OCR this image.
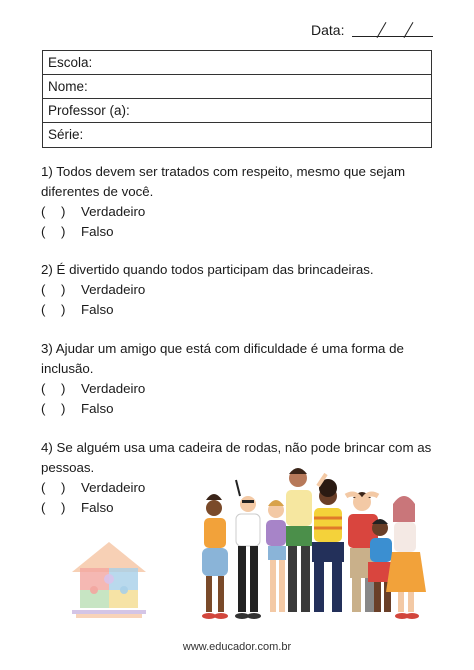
Data:
Escola:
Nome:
Professor (a):
Série:

1) Todos devem ser tratados com respeito, mesmo que sejam diferentes de você.

(	)	Verdadeiro
(	)	Falso

2) É divertido quando todos participam das brincadeiras.

(	)	Verdadeiro
(	)	Falso

3) Ajudar um amigo que está com dificuldade é uma forma de inclusão.

(	)	Verdadeiro
(	)	Falso

4) Se alguém usa uma cadeira de rodas, não pode brincar com as pessoas.

(	)	Verdadeiro
(	)	Falso
www.educador.com.br
